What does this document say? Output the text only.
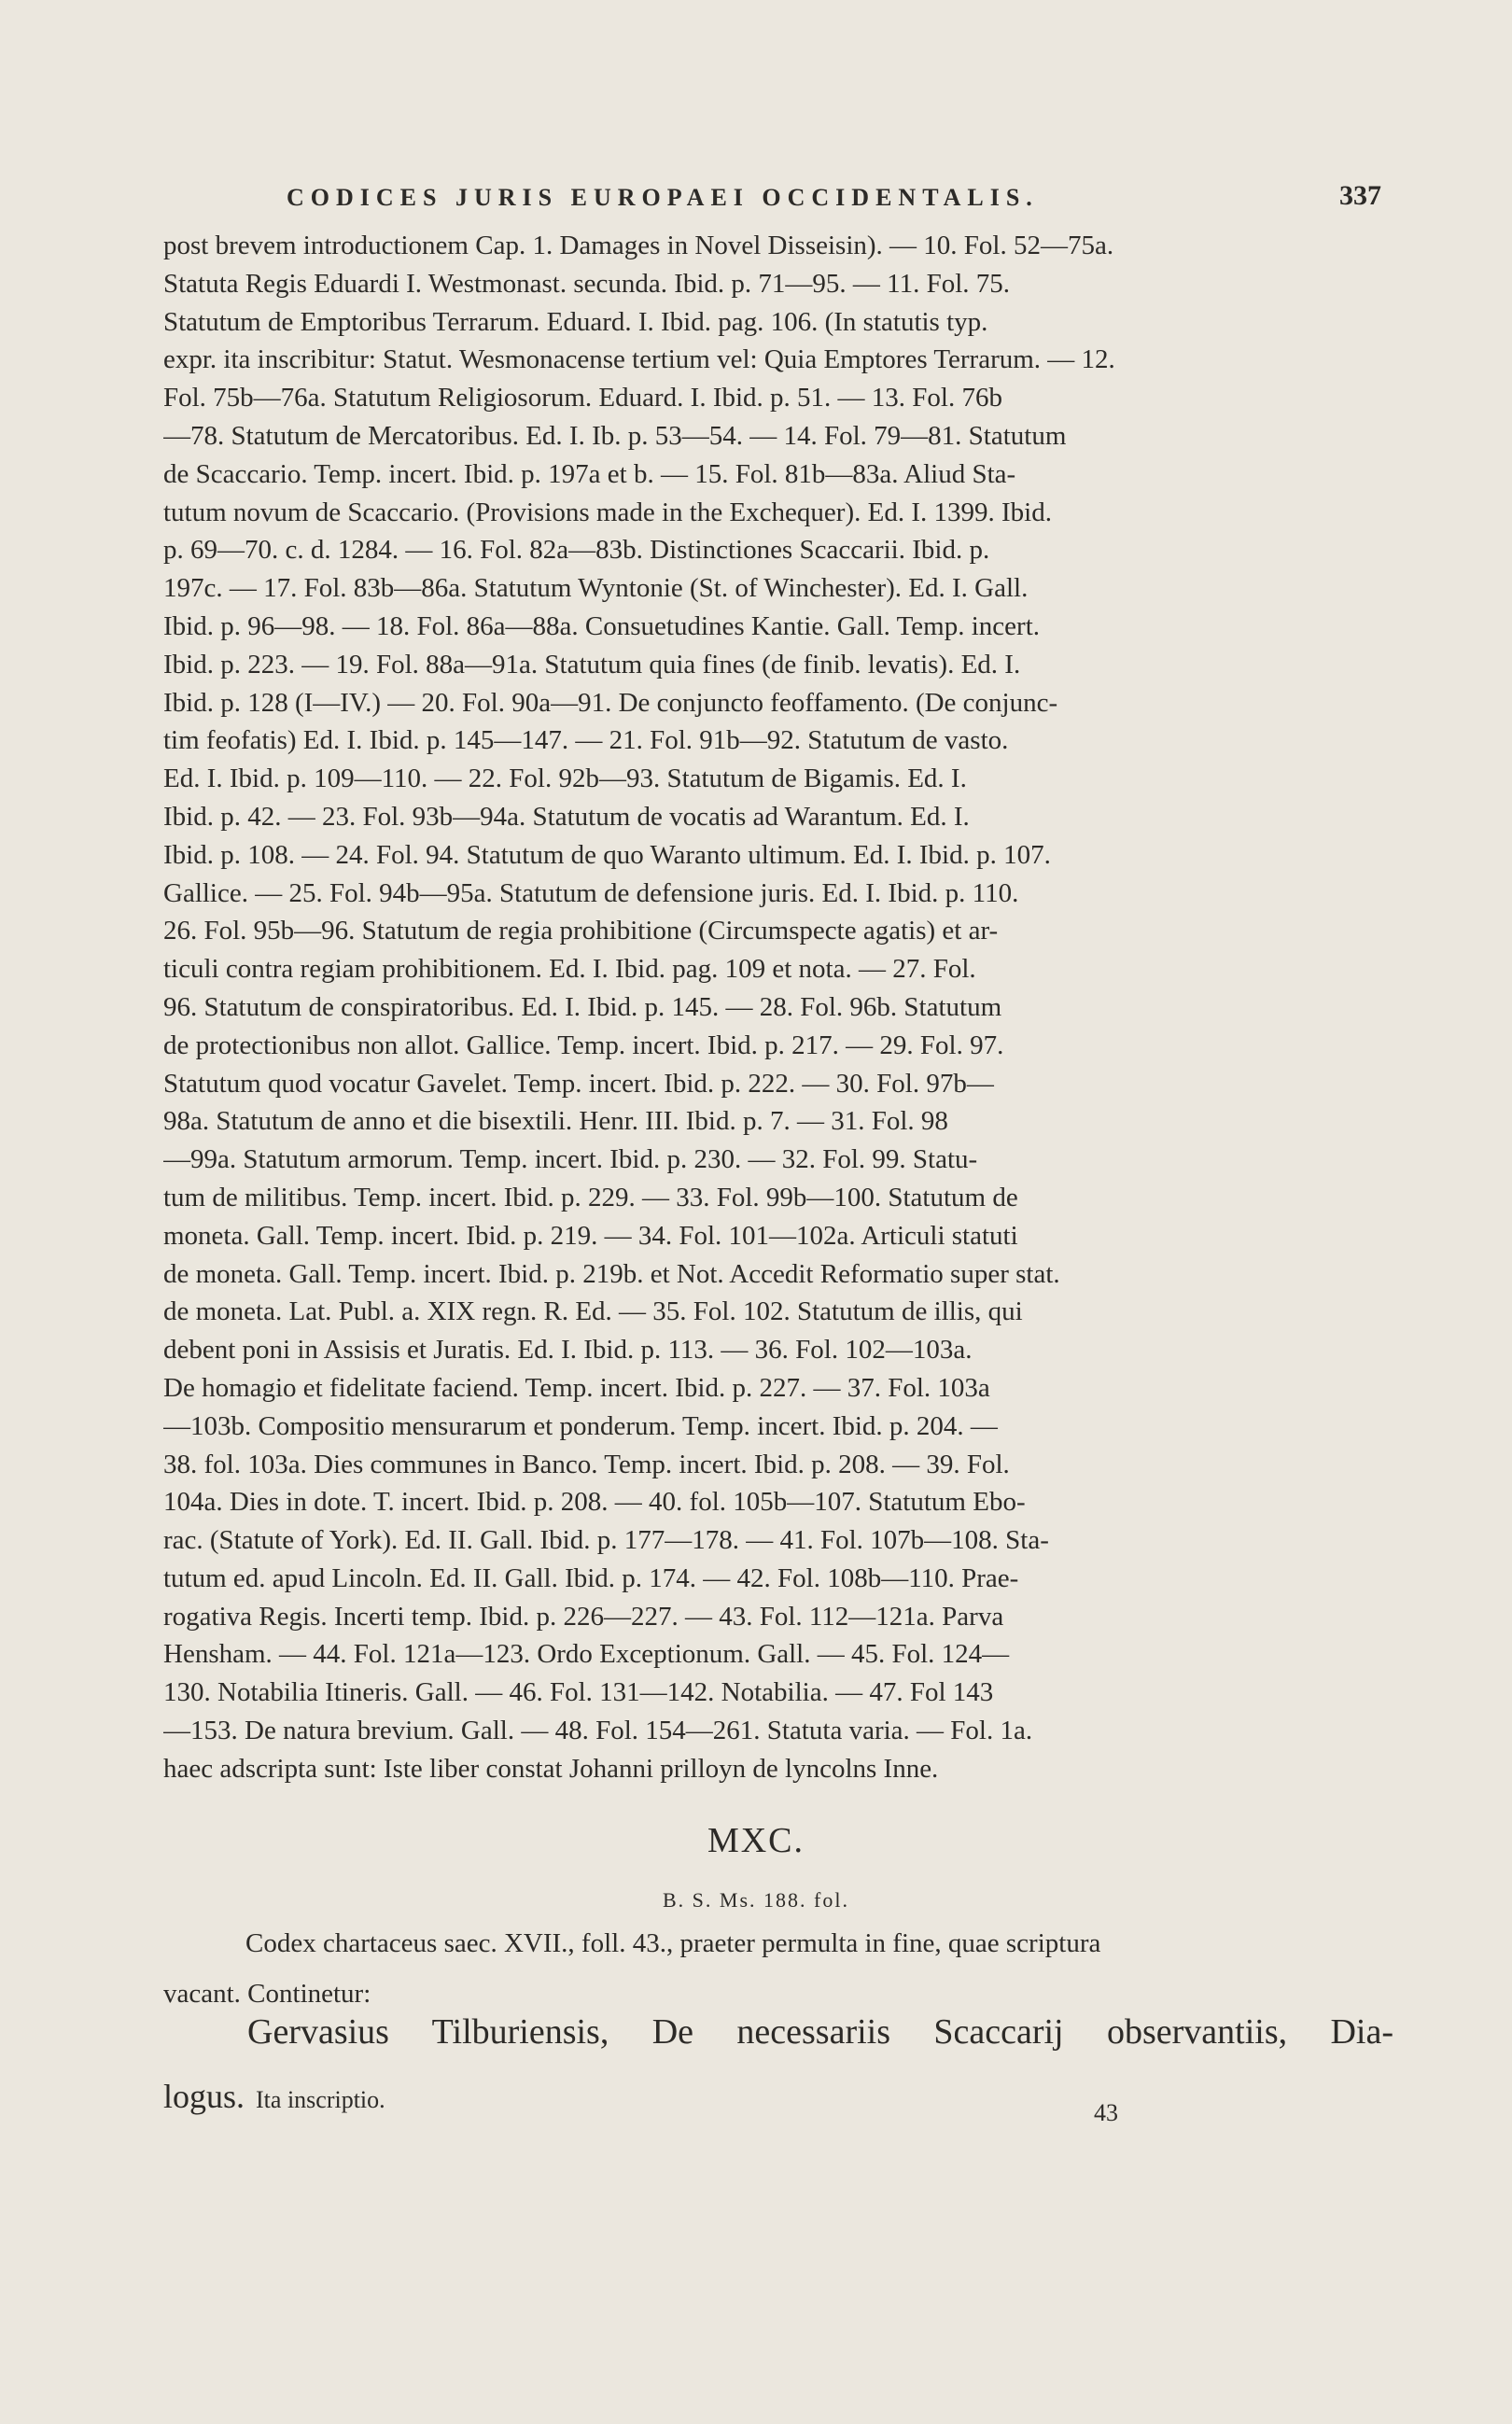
CODICES JURIS EUROPAEI OCCIDENTALIS.	337
post brevem introductionem Cap. 1. Damages in Novel Disseisin). — 10. Fol. 52—75a.
Statuta Regis Eduardi I. Westmonast. secunda. Ibid. p. 71—95. — 11. Fol. 75.
Statutum de Emptoribus Terrarum. Eduard. I. Ibid. pag. 106. (In statutis typ.
expr. ita inscribitur: Statut. Wesmonacense tertium vel: Quia Emptores Terrarum. — 12.
Fol. 75b—76a. Statutum Religiosorum. Eduard. I. Ibid. p. 51. — 13. Fol. 76b
—78. Statutum de Mercatoribus. Ed. I. Ib. p. 53—54. — 14. Fol. 79—81. Statutum
de Scaccario. Temp. incert. Ibid. p. 197a et b. — 15. Fol. 81b—83a. Aliud Sta-
tutum novum de Scaccario. (Provisions made in the Exchequer). Ed. I. 1399. Ibid.
p. 69—70. c. d. 1284. — 16. Fol. 82a—83b. Distinctiones Scaccarii. Ibid. p.
197c. — 17. Fol. 83b—86a. Statutum Wyntonie (St. of Winchester). Ed. I. Gall.
Ibid. p. 96—98. — 18. Fol. 86a—88a. Consuetudines Kantie. Gall. Temp. incert.
Ibid. p. 223. — 19. Fol. 88a—91a. Statutum quia fines (de finib. levatis). Ed. I.
Ibid. p. 128 (I—IV.) — 20. Fol. 90a—91. De conjuncto feoffamento. (De conjunc-
tim feofatis) Ed. I. Ibid. p. 145—147. — 21. Fol. 91b—92. Statutum de vasto.
Ed. I. Ibid. p. 109—110. — 22. Fol. 92b—93. Statutum de Bigamis. Ed. I.
Ibid. p. 42. — 23. Fol. 93b—94a. Statutum de vocatis ad Warantum. Ed. I.
Ibid. p. 108. — 24. Fol. 94. Statutum de quo Waranto ultimum. Ed. I. Ibid. p. 107.
Gallice. — 25. Fol. 94b—95a. Statutum de defensione juris. Ed. I. Ibid. p. 110.
26. Fol. 95b—96. Statutum de regia prohibitione (Circumspecte agatis) et ar-
ticuli contra regiam prohibitionem. Ed. I. Ibid. pag. 109 et nota. — 27. Fol.
96. Statutum de conspiratoribus. Ed. I. Ibid. p. 145. — 28. Fol. 96b. Statutum
de protectionibus non allot. Gallice. Temp. incert. Ibid. p. 217. — 29. Fol. 97.
Statutum quod vocatur Gavelet. Temp. incert. Ibid. p. 222. — 30. Fol. 97b—
98a. Statutum de anno et die bisextili. Henr. III. Ibid. p. 7. — 31. Fol. 98
—99a. Statutum armorum. Temp. incert. Ibid. p. 230. — 32. Fol. 99. Statu-
tum de militibus. Temp. incert. Ibid. p. 229. — 33. Fol. 99b—100. Statutum de
moneta. Gall. Temp. incert. Ibid. p. 219. — 34. Fol. 101—102a. Articuli statuti
de moneta. Gall. Temp. incert. Ibid. p. 219b. et Not. Accedit Reformatio super stat.
de moneta. Lat. Publ. a. XIX regn. R. Ed. — 35. Fol. 102. Statutum de illis, qui
debent poni in Assisis et Juratis. Ed. I. Ibid. p. 113. — 36. Fol. 102—103a.
De homagio et fidelitate faciend. Temp. incert. Ibid. p. 227. — 37. Fol. 103a
—103b. Compositio mensurarum et ponderum. Temp. incert. Ibid. p. 204. —
38. fol. 103a. Dies communes in Banco. Temp. incert. Ibid. p. 208. — 39. Fol.
104a. Dies in dote. T. incert. Ibid. p. 208. — 40. fol. 105b—107. Statutum Ebo-
rac. (Statute of York). Ed. II. Gall. Ibid. p. 177—178. — 41. Fol. 107b—108. Sta-
tutum ed. apud Lincoln. Ed. II. Gall. Ibid. p. 174. — 42. Fol. 108b—110. Prae-
rogativa Regis. Incerti temp. Ibid. p. 226—227. — 43. Fol. 112—121a. Parva
Hensham. — 44. Fol. 121a—123. Ordo Exceptionum. Gall. — 45. Fol. 124—
130. Notabilia Itineris. Gall. — 46. Fol. 131—142. Notabilia. — 47. Fol 143
—153. De natura brevium. Gall. — 48. Fol. 154—261. Statuta varia. — Fol. 1a.
haec adscripta sunt: Iste liber constat Johanni prilloyn de lyncolns Inne.
MXC.
B. S. Ms. 188. fol.
Codex chartaceus saec. XVII., foll. 43., praeter permulta in fine, quae scriptura
vacant. Continetur:
Gervasius Tilburiensis, De necessariis Scaccarij observantiis, Dia-
logus. Ita inscriptio.	43
